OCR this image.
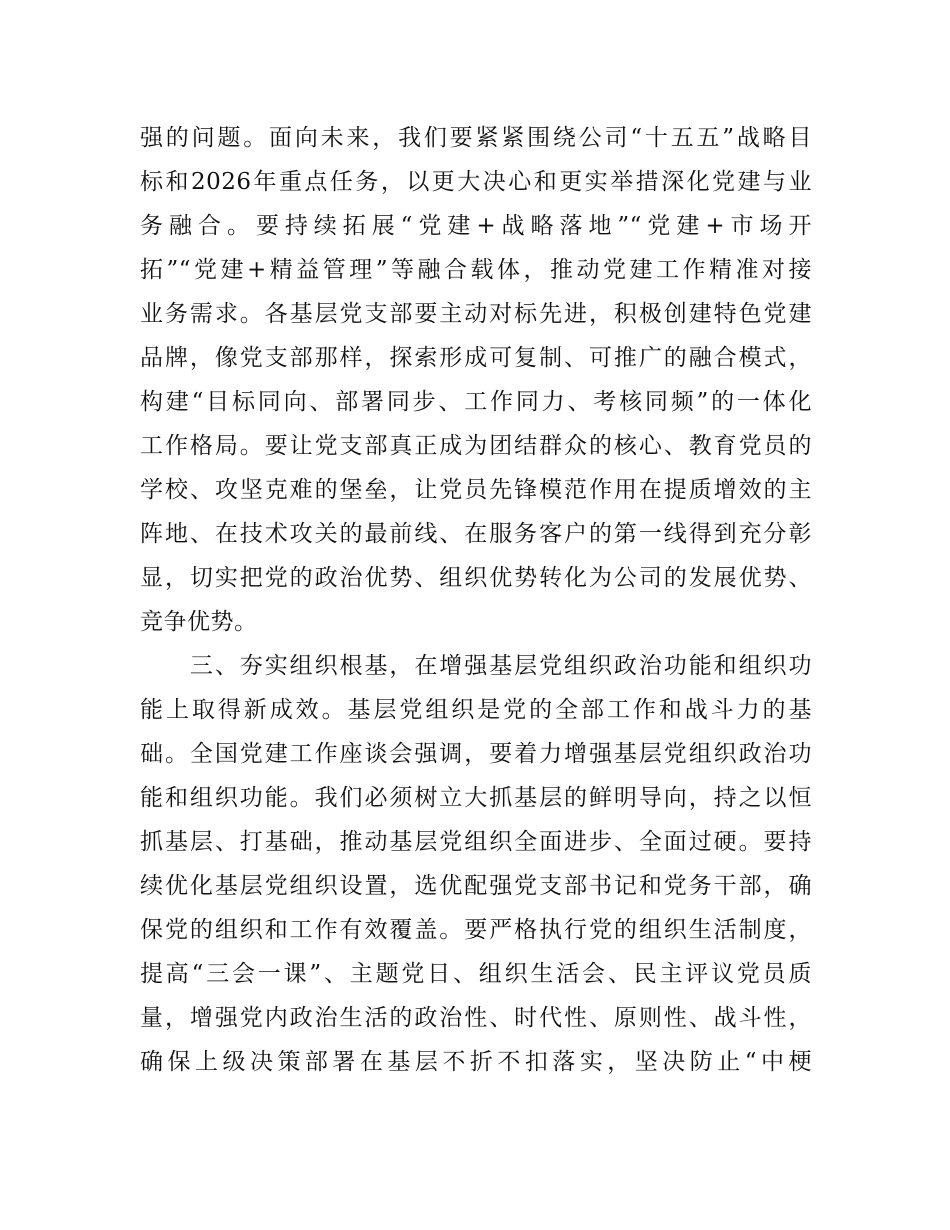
强的问题。面向未来，我们要紧紧围绕公司“十五五”战略目
标和2026年重点任务，以更大决心和更实举措深化党建与业
务融合。要持续拓展“党建+战略落地”“党建+市场开
拓”“党建+精益管理”等融合载体，推动党建工作精准对接
业务需求。各基层党支部要主动对标先进，积极创建特色党建
品牌，像党支部那样，探索形成可复制、可推广的融合模式，
构建“目标同向、部署同步、工作同力、考核同频”的一体化
工作格局。要让党支部真正成为团结群众的核心、教育党员的
学校、攻坚克难的堡垒，让党员先锋模范作用在提质增效的主
阵地、在技术攻关的最前线、在服务客户的第一线得到充分彰
显，切实把党的政治优势、组织优势转化为公司的发展优势、
竞争优势。
　　三、夯实组织根基，在增强基层党组织政治功能和组织功
能上取得新成效。基层党组织是党的全部工作和战斗力的基
础。全国党建工作座谈会强调，要着力增强基层党组织政治功
能和组织功能。我们必须树立大抓基层的鲜明导向，持之以恒
抓基层、打基础，推动基层党组织全面进步、全面过硬。要持
续优化基层党组织设置，选优配强党支部书记和党务干部，确
保党的组织和工作有效覆盖。要严格执行党的组织生活制度，
提高“三会一课”、主题党日、组织生活会、民主评议党员质
量，增强党内政治生活的政治性、时代性、原则性、战斗性，
确保上级决策部署在基层不折不扣落实，坚决防止“中梗
